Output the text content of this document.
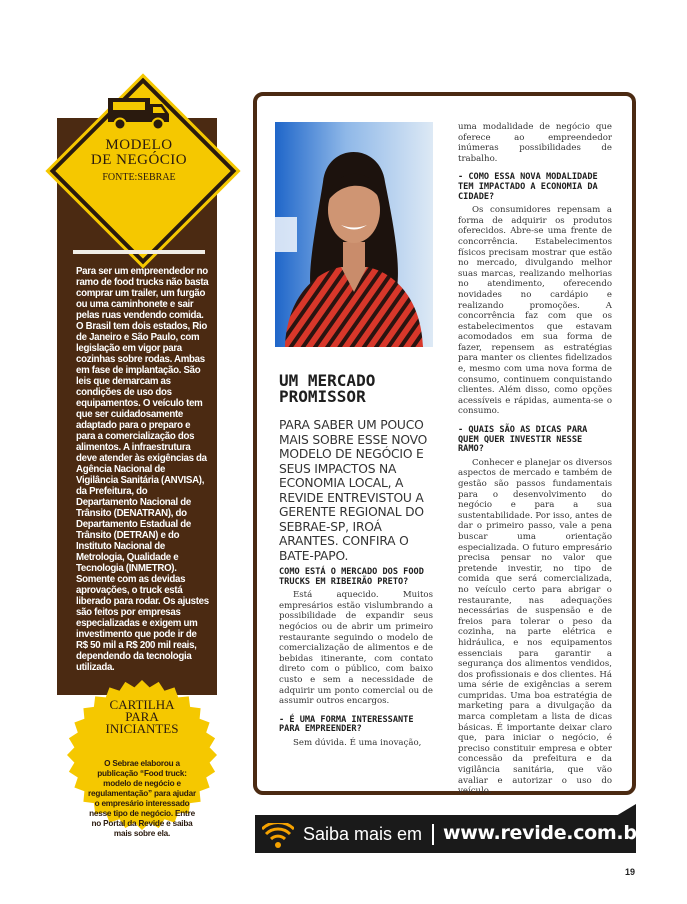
MODELO
DE NEGÓCIO
FONTE:SEBRAE
Para ser um empreendedor no ramo de food trucks não basta comprar um trailer, um furgão ou uma caminhonete e sair pelas ruas vendendo comida. O Brasil tem dois estados, Rio de Janeiro e São Paulo, com legislação em vigor para cozinhas sobre rodas. Ambas em fase de implantação. São leis que demarcam as condições de uso dos equipamentos. O veículo tem que ser cuidadosamente adaptado para o preparo e para a comercialização dos alimentos. A infraestrutura deve atender às exigências da Agência Nacional de Vigilância Sanitária (ANVISA), da Prefeitura, do Departamento Nacional de Trânsito (DENATRAN), do Departamento Estadual de Trânsito (DETRAN) e do Instituto Nacional de Metrologia, Qualidade e Tecnologia (INMETRO). Somente com as devidas aprovações, o truck está liberado para rodar. Os ajustes são feitos por empresas especializadas e exigem um investimento que pode ir de R$ 50 mil a R$ 200 mil reais, dependendo da tecnologia utilizada.
CARTILHA
PARA
INICIANTES
O Sebrae elaborou a publicação “Food truck: modelo de negócio e regulamentação” para ajudar o empresário interessado nesse tipo de negócio. Entre no Portal da Revide e saiba mais sobre ela.
UM MERCADO
PROMISSOR
PARA SABER UM POUCO MAIS SOBRE ESSE NOVO MODELO DE NEGÓCIO E SEUS IMPACTOS NA ECONOMIA LOCAL, A REVIDE ENTREVISTOU A GERENTE REGIONAL DO SEBRAE-SP, IROÁ ARANTES. CONFIRA O BATE-PAPO.

COMO ESTÁ O MERCADO DOS FOOD TRUCKS EM RIBEIRÃO PRETO?

Está aquecido. Muitos empresários estão vislumbrando a possibilidade de expandir seus negócios ou de abrir um primeiro restaurante seguindo o modelo de comercialização de alimentos e de bebidas itinerante, com contato direto com o público, com baixo custo e sem a necessidade de adquirir um ponto comercial ou de assumir outros encargos.

- É UMA FORMA INTERESSANTE PARA EMPREENDER?

Sem dúvida. É uma inovação,

uma modalidade de negócio que oferece ao empreendedor inúmeras possibilidades de trabalho.

- COMO ESSA NOVA MODALIDADE TEM IMPACTADO A ECONOMIA DA CIDADE?

Os consumidores repensam a forma de adquirir os produtos oferecidos. Abre-se uma frente de concorrência. Estabelecimentos físicos precisam mostrar que estão no mercado, divulgando melhor suas marcas, realizando melhorias no atendimento, oferecendo novidades no cardápio e realizando promoções. A concorrência faz com que os estabelecimentos que estavam acomodados em sua forma de fazer, repensem as estratégias para manter os clientes fidelizados e, mesmo com uma nova forma de consumo, continuem conquistando clientes. Além disso, como opções acessíveis e rápidas, aumenta-se o consumo.

- QUAIS SÃO AS DICAS PARA QUEM QUER INVESTIR NESSE RAMO?

Conhecer e planejar os diversos aspectos de mercado e também de gestão são passos fundamentais para o desenvolvimento do negócio e para a sua sustentabilidade. Por isso, antes de dar o primeiro passo, vale a pena buscar uma orientação especializada. O futuro empresário precisa pensar no valor que pretende investir, no tipo de comida que será comercializada, no veículo certo para abrigar o restaurante, nas adequações necessárias de suspensão e de freios para tolerar o peso da cozinha, na parte elétrica e hidráulica, e nos equipamentos essenciais para garantir a segurança dos alimentos vendidos, dos profissionais e dos clientes. Há uma série de exigências a serem cumpridas. Uma boa estratégia de marketing para a divulgação da marca completam a lista de dicas básicas. É importante deixar claro que, para iniciar o negócio, é preciso constituir empresa e obter concessão da prefeitura e da vigilância sanitária, que vão avaliar e autorizar o uso do veículo.

Saiba mais em www.revide.com.br
19
